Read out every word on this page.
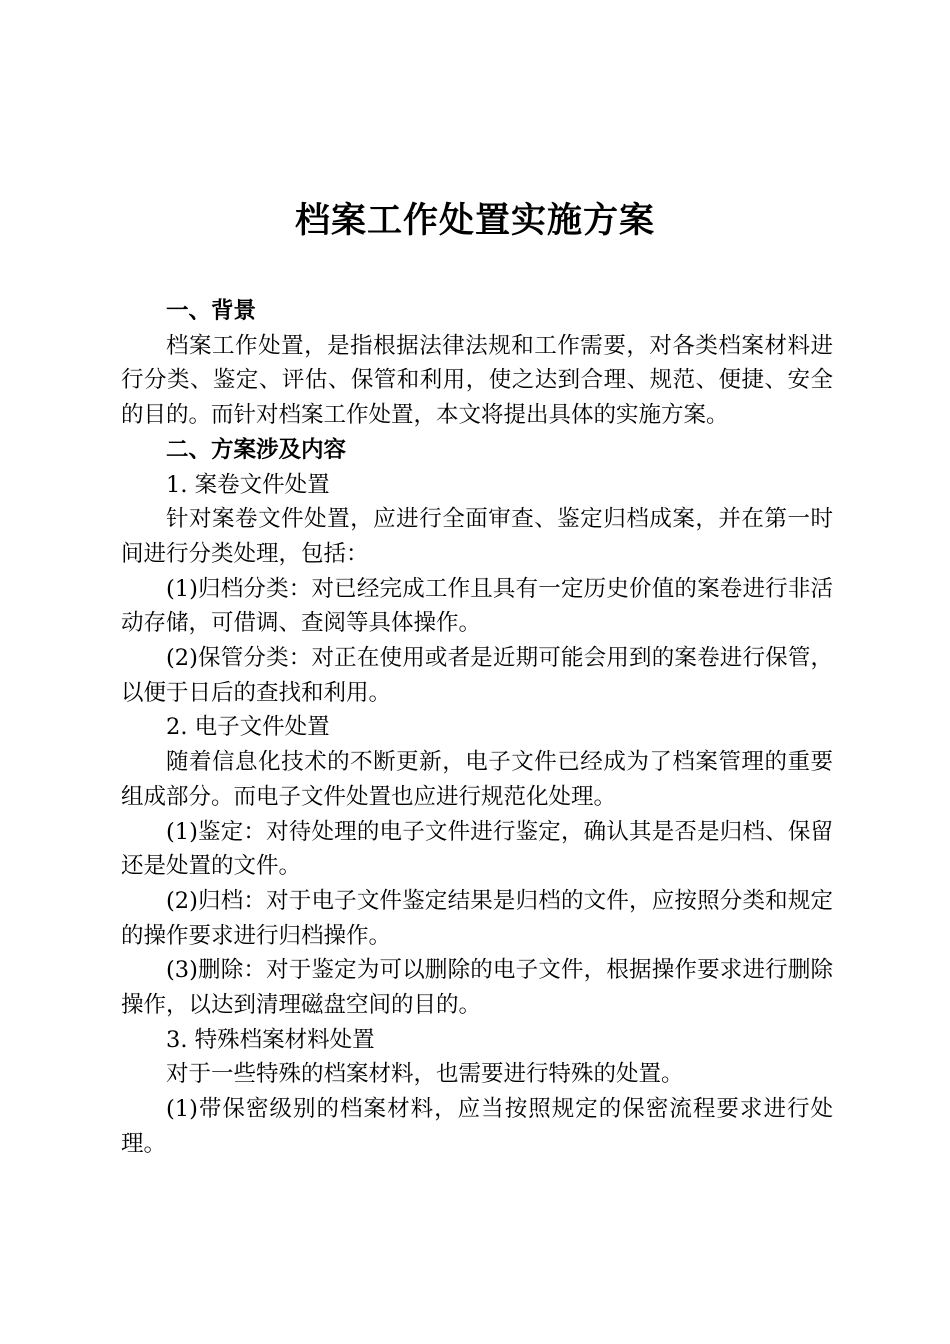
档案工作处置实施方案

一、背景

档案工作处置，是指根据法律法规和工作需要，对各类档案材料进行分类、鉴定、评估、保管和利用，使之达到合理、规范、便捷、安全的目的。而针对档案工作处置，本文将提出具体的实施方案。

二、方案涉及内容

1. 案卷文件处置

针对案卷文件处置，应进行全面审查、鉴定归档成案，并在第一时间进行分类处理，包括：

(1)归档分类：对已经完成工作且具有一定历史价值的案卷进行非活动存储，可借调、查阅等具体操作。

(2)保管分类：对正在使用或者是近期可能会用到的案卷进行保管，以便于日后的查找和利用。

2. 电子文件处置

随着信息化技术的不断更新，电子文件已经成为了档案管理的重要组成部分。而电子文件处置也应进行规范化处理。

(1)鉴定：对待处理的电子文件进行鉴定，确认其是否是归档、保留还是处置的文件。

(2)归档：对于电子文件鉴定结果是归档的文件，应按照分类和规定的操作要求进行归档操作。

(3)删除：对于鉴定为可以删除的电子文件，根据操作要求进行删除操作，以达到清理磁盘空间的目的。

3. 特殊档案材料处置

对于一些特殊的档案材料，也需要进行特殊的处置。

(1)带保密级别的档案材料，应当按照规定的保密流程要求进行处理。
